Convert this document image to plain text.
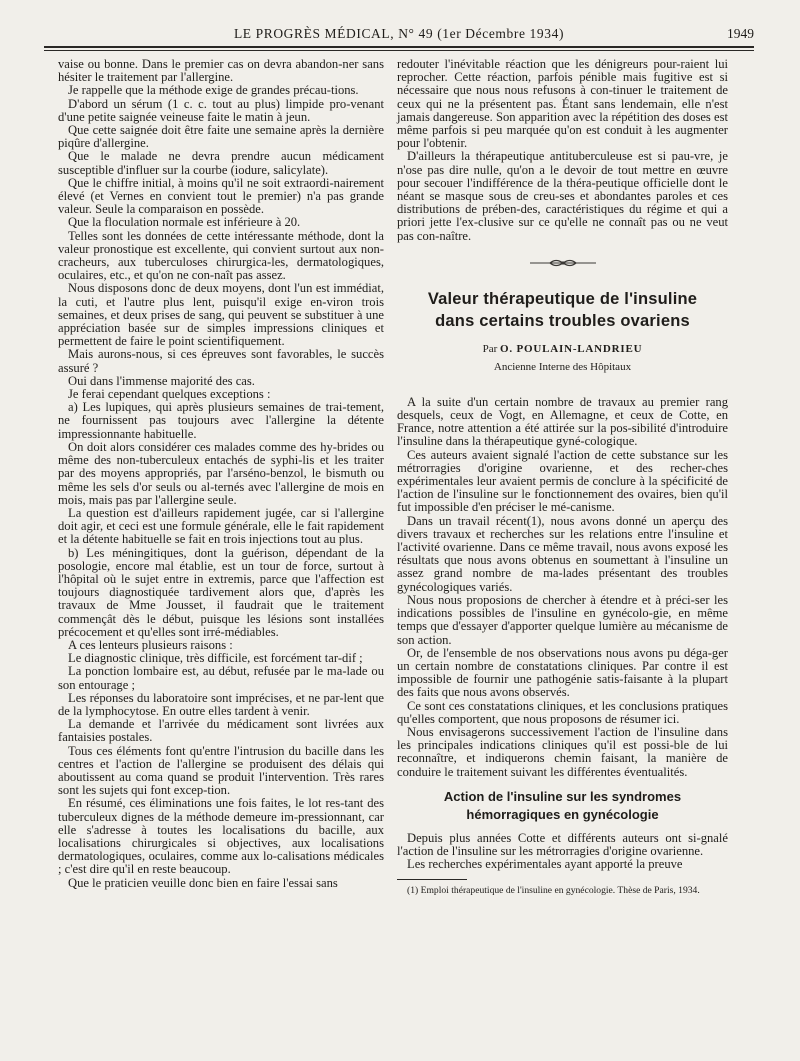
LE PROGRÈS MÉDICAL, N° 49 (1er Décembre 1934)	1949

vaise ou bonne. Dans le premier cas on devra abandon-ner sans hésiter le traitement par l'allergine.

Je rappelle que la méthode exige de grandes précau-tions.

D'abord un sérum (1 c. c. tout au plus) limpide pro-venant d'une petite saignée veineuse faite le matin à jeun.

Que cette saignée doit être faite une semaine après la dernière piqûre d'allergine.

Que le malade ne devra prendre aucun médicament susceptible d'influer sur la courbe (iodure, salicylate).

Que le chiffre initial, à moins qu'il ne soit extraordi-nairement élevé (et Vernes en convient tout le premier) n'a pas grande valeur. Seule la comparaison en possède.

Que la floculation normale est inférieure à 20.

Telles sont les données de cette intéressante méthode, dont la valeur pronostique est excellente, qui convient surtout aux non-cracheurs, aux tuberculoses chirurgica-les, dermatologiques, oculaires, etc., et qu'on ne con-naît pas assez.

Nous disposons donc de deux moyens, dont l'un est immédiat, la cuti, et l'autre plus lent, puisqu'il exige en-viron trois semaines, et deux prises de sang, qui peuvent se substituer à une appréciation basée sur de simples impressions cliniques et permettent de faire le point scientifiquement.

Mais aurons-nous, si ces épreuves sont favorables, le succès assuré ?

Oui dans l'immense majorité des cas.

Je ferai cependant quelques exceptions :

a) Les lupiques, qui après plusieurs semaines de trai-tement, ne fournissent pas toujours avec l'allergine la détente impressionnante habituelle.

On doit alors considérer ces malades comme des hy-brides ou même des non-tuberculeux entachés de syphi-lis et les traiter par des moyens appropriés, par l'arséno-benzol, le bismuth ou même les sels d'or seuls ou al-ternés avec l'allergine de mois en mois, mais pas par l'allergine seule.

La question est d'ailleurs rapidement jugée, car si l'allergine doit agir, et ceci est une formule générale, elle le fait rapidement et la détente habituelle se fait en trois injections tout au plus.

b) Les méningitiques, dont la guérison, dépendant de la posologie, encore mal établie, est un tour de force, surtout à l'hôpital où le sujet entre in extremis, parce que l'affection est toujours diagnostiquée tardivement alors que, d'après les travaux de Mme Jousset, il faudrait que le traitement commençât dès le début, puisque les lésions sont installées précocement et qu'elles sont irré-médiables.

A ces lenteurs plusieurs raisons :

Le diagnostic clinique, très difficile, est forcément tar-dif ;

La ponction lombaire est, au début, refusée par le ma-lade ou son entourage ;

Les réponses du laboratoire sont imprécises, et ne par-lent que de la lymphocytose. En outre elles tardent à venir.

La demande et l'arrivée du médicament sont livrées aux fantaisies postales.

Tous ces éléments font qu'entre l'intrusion du bacille dans les centres et l'action de l'allergine se produisent des délais qui aboutissent au coma quand se produit l'intervention. Très rares sont les sujets qui font excep-tion.

En résumé, ces éliminations une fois faites, le lot res-tant des tuberculeux dignes de la méthode demeure im-pressionnant, car elle s'adresse à toutes les localisations du bacille, aux localisations chirurgicales si objectives, aux localisations dermatologiques, oculaires, comme aux lo-calisations médicales ; c'est dire qu'il en reste beaucoup.

Que le praticien veuille donc bien en faire l'essai sans

redouter l'inévitable réaction que les dénigreurs pour-raient lui reprocher. Cette réaction, parfois pénible mais fugitive est si nécessaire que nous nous refusons à con-tinuer le traitement de ceux qui ne la présentent pas. Étant sans lendemain, elle n'est jamais dangereuse. Son apparition avec la répétition des doses est même parfois si peu marquée qu'on est conduit à les augmenter pour l'obtenir.

D'ailleurs la thérapeutique antituberculeuse est si pau-vre, je n'ose pas dire nulle, qu'on a le devoir de tout mettre en œuvre pour secouer l'indifférence de la théra-peutique officielle dont le néant se masque sous de creu-ses et abondantes paroles et ces distributions de prében-des, caractéristiques du régime et qui a priori jette l'ex-clusive sur ce qu'elle ne connaît pas ou ne veut pas con-naître.

Valeur thérapeutique de l'insuline
dans certains troubles ovariens
Par O. POULAIN-LANDRIEU
Ancienne Interne des Hôpitaux

A la suite d'un certain nombre de travaux au premier rang desquels, ceux de Vogt, en Allemagne, et ceux de Cotte, en France, notre attention a été attirée sur la pos-sibilité d'introduire l'insuline dans la thérapeutique gyné-cologique.

Ces auteurs avaient signalé l'action de cette substance sur les métrorragies d'origine ovarienne, et des recher-ches expérimentales leur avaient permis de conclure à la spécificité de l'action de l'insuline sur le fonctionnement des ovaires, bien qu'il fut impossible d'en préciser le mé-canisme.

Dans un travail récent(1), nous avons donné un aperçu des divers travaux et recherches sur les relations entre l'insuline et l'activité ovarienne. Dans ce même travail, nous avons exposé les résultats que nous avons obtenus en soumettant à l'insuline un assez grand nombre de ma-lades présentant des troubles gynécologiques variés.

Nous nous proposions de chercher à étendre et à préci-ser les indications possibles de l'insuline en gynécolo-gie, en même temps que d'essayer d'apporter quelque lumière au mécanisme de son action.

Or, de l'ensemble de nos observations nous avons pu déga-ger un certain nombre de constatations cliniques. Par contre il est impossible de fournir une pathogénie satis-faisante à la plupart des faits que nous avons observés.

Ce sont ces constatations cliniques, et les conclusions pratiques qu'elles comportent, que nous proposons de résumer ici.

Nous envisagerons successivement l'action de l'insuline dans les principales indications cliniques qu'il est possi-ble de lui reconnaître, et indiquerons chemin faisant, la manière de conduire le traitement suivant les différentes éventualités.

Action de l'insuline sur les syndromes
hémorragiques en gynécologie

Depuis plus années Cotte et différents auteurs ont si-gnalé l'action de l'insuline sur les métrorragies d'origine ovarienne.

Les recherches expérimentales ayant apporté la preuve

(1) Emploi thérapeutique de l'insuline en gynécologie. Thèse de Paris, 1934.
